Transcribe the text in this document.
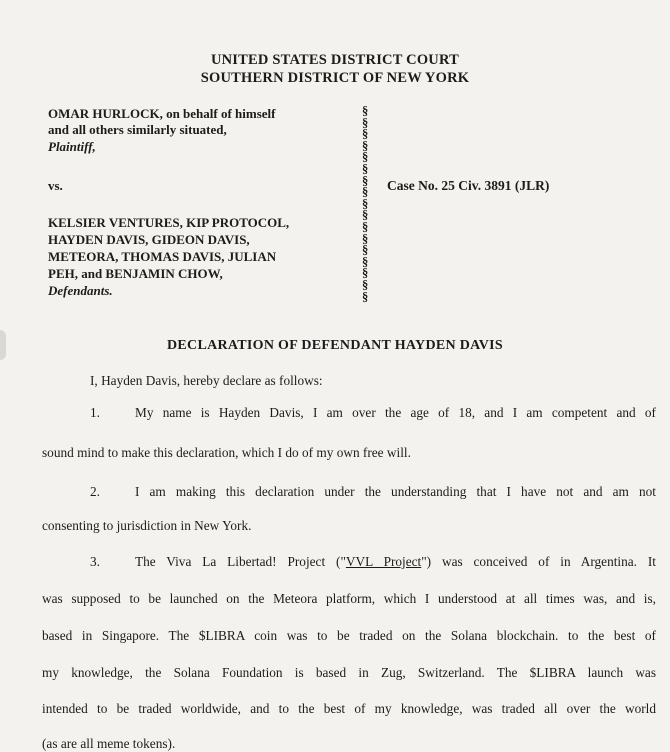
UNITED STATES DISTRICT COURT
SOUTHERN DISTRICT OF NEW YORK
OMAR HURLOCK, on behalf of himself
and all others similarly situated,
Plaintiff,
vs.
KELSIER VENTURES, KIP PROTOCOL,
HAYDEN DAVIS, GIDEON DAVIS,
METEORA, THOMAS DAVIS, JULIAN
PEH, and BENJAMIN CHOW,
Defendants.
§
§
§
§
§
§
§
§
§
§
§
§
§
§
§
§
§
Case No. 25 Civ. 3891 (JLR)
DECLARATION OF DEFENDANT HAYDEN DAVIS
I, Hayden Davis, hereby declare as follows:
1.	My name is Hayden Davis, I am over the age of 18, and I am competent and of
sound mind to make this declaration, which I do of my own free will.
2.	I am making this declaration under the understanding that I have not and am not
consenting to jurisdiction in New York.
3.	The Viva La Libertad! Project ("VVL Project") was conceived of in Argentina. It
was supposed to be launched on the Meteora platform, which I understood at all times was, and is,
based in Singapore. The $LIBRA coin was to be traded on the Solana blockchain. to the best of
my knowledge, the Solana Foundation is based in Zug, Switzerland. The $LIBRA launch was
intended to be traded worldwide, and to the best of my knowledge, was traded all over the world
(as are all meme tokens).
